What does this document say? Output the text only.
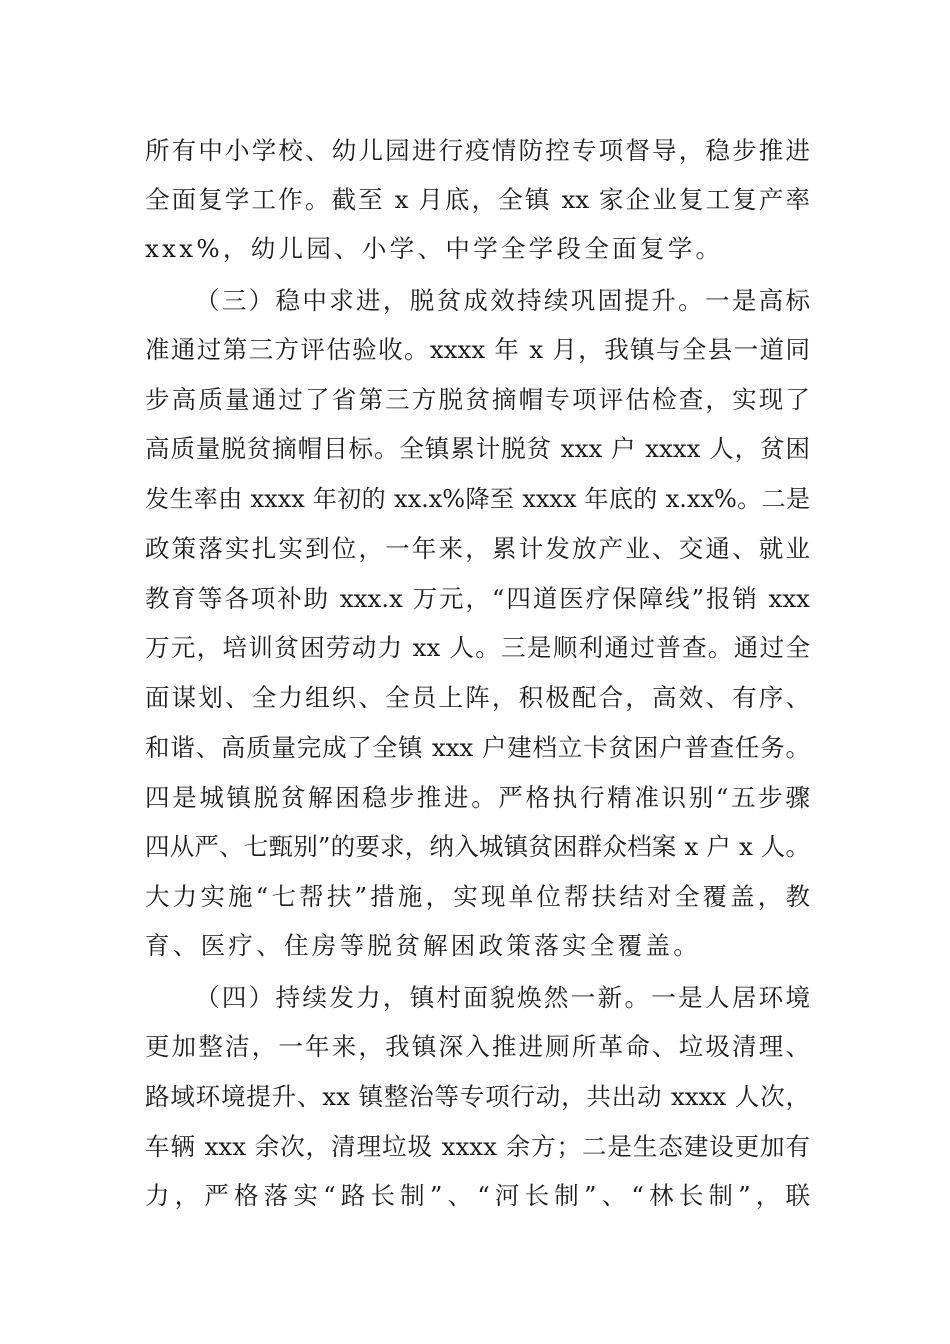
所有中小学校、幼儿园进行疫情防控专项督导，稳步推进
全面复学工作。截至 x 月底，全镇 xx 家企业复工复产率
xxx%，幼儿园、小学、中学全学段全面复学。
（三）稳中求进，脱贫成效持续巩固提升。一是高标
准通过第三方评估验收。xxxx 年 x 月，我镇与全县一道同
步高质量通过了省第三方脱贫摘帽专项评估检查，实现了
高质量脱贫摘帽目标。全镇累计脱贫 xxx 户 xxxx 人，贫困
发生率由 xxxx 年初的 xx.x%降至 xxxx 年底的 x.xx%。二是
政策落实扎实到位，一年来，累计发放产业、交通、就业
教育等各项补助 xxx.x 万元，“四道医疗保障线”报销 xxx
万元，培训贫困劳动力 xx 人。三是顺利通过普查。通过全
面谋划、全力组织、全员上阵，积极配合，高效、有序、
和谐、高质量完成了全镇 xxx 户建档立卡贫困户普查任务。
四是城镇脱贫解困稳步推进。严格执行精准识别“五步骤
四从严、七甄别”的要求，纳入城镇贫困群众档案 x 户 x 人。
大力实施“七帮扶”措施，实现单位帮扶结对全覆盖，教
育、医疗、住房等脱贫解困政策落实全覆盖。
（四）持续发力，镇村面貌焕然一新。一是人居环境
更加整洁，一年来，我镇深入推进厕所革命、垃圾清理、
路域环境提升、xx 镇整治等专项行动，共出动 xxxx 人次，
车辆 xxx 余次，清理垃圾 xxxx 余方；二是生态建设更加有
力，严格落实“路长制”、“河长制”、“林长制”，联
